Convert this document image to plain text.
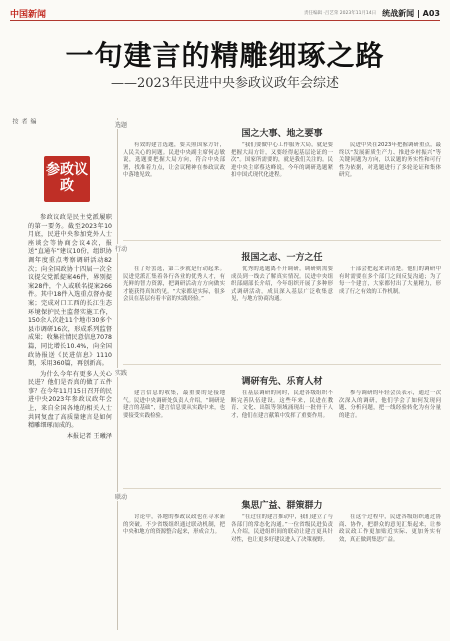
中国新闻	责任编辑 ·吕艺荣 2023年11月14日 统战新闻 | A03
一句建言的精雕细琢之路
——2023年民进中央参政议政年会综述
编者按
参政议政

参政议政是民主党派履职的第一要务。截至2023年10月底，民进中央参加党外人士座谈会等协商会议4次，报送“直通车”建议10份，组织协调年度重点考察调研活动82次；向全国政协十四届一次全议提交党派提案46件，界别提案28件，个人或联名提案266件。其中18件入选重点督办提案；完成对口工西的长江生态环境保护民主监督实施工作，150余人次赴11个地市30多个县市调研16次，形成系列监督成果；收集社情民意信息7078篇，同比增长10.4%，向全国政协报送《民进信息》1110期，采用360篇，再创新高。

为什么今年有更多人关心民进？他们是否真的做了五件事？在今年11月15日召开的民进中央2023年参政议政年会上，来自全国各地的相关人士共同复盘了高质量建言是如何精雕细琢而成的。

本报记者 王曦泽
选题
国之大事、地之要事

有效的建言选题，要关照国家方针，人民关心的问题。民进中央副主席何志敏说，选题要把握大局方向，符合中央部署，找准着力点，让会议精神在参政议政中落地见效。

“我们要做中心工作服务大局，就是要把握大局方针，又要经得起基层论证的一次”。国家所需要的，就是我们关注的。民进中央主席蔡达峰说，今年的调研选题紧扣中国式现代化进程。

民进中央在2023年把握调研重点，最终以“发展新质生产力、推进乡村振兴”等关键问题为方向，以议题的务实性和可行性为依据，对选题进行了多轮论证和集体研究。

行动
报国之志、一方之任

在了好罢选，第二步就是行动起来。民进党派汇集着各行各业的优秀人才，有光鲜的智力资源，把调研活动方方向做实才能获得真知灼见。“大家都是实际，很多会员在基层有着丰富的实践经验。”

优秀的选题离不开调研，调研则需要成员到一线去了解真实情况。民进中央组织部副部长介绍，今年组织开展了多种形式调研活动，成员深入基层广泛收集意见，与地方协商沟通。

千部会把起来讲清楚。他们的调研中有时需要在多个部门之间反复沟通；为了每一个建言，大家都付出了大量精力，形成了行之有效的工作机制。

实践
调研有先、乐育人材

建言信息的收集，最重要的是接地气。民进中央调研处负责人介绍，“调研是建言的基础”，建言信息要从实践中来，也要接受实践检验。

在基层调研的同时，民进各级组织不断完善队伍建设。这些年来，民进在教育、文化、出版等领域涌现出一批骨干人才，他们在建言献策中发挥了重要作用。

参与调研的年轻会员表示，通过一次次深入的调研，他们学会了如何发现问题、分析问题，把一线经验转化为有分量的建言。

联动
集思广益、群策群力

讨论中，各地的参政议政也在寻求新的突破。不少省级组织通过联动机制，把中央和地方的资源整合起来，形成合力。

“在过往的建言推动中，我们建立了与各部门的常态化沟通。”一位省级民进负责人介绍，民进组织间的联动让建言更具针对性，也让更多好建议进入了决策视野。

在这个过程中，民进各级组织通过协商、协作，把群众的意见汇集起来，让参政议政工作更加贴近实际、更加务实有效，真正做到集思广益。
